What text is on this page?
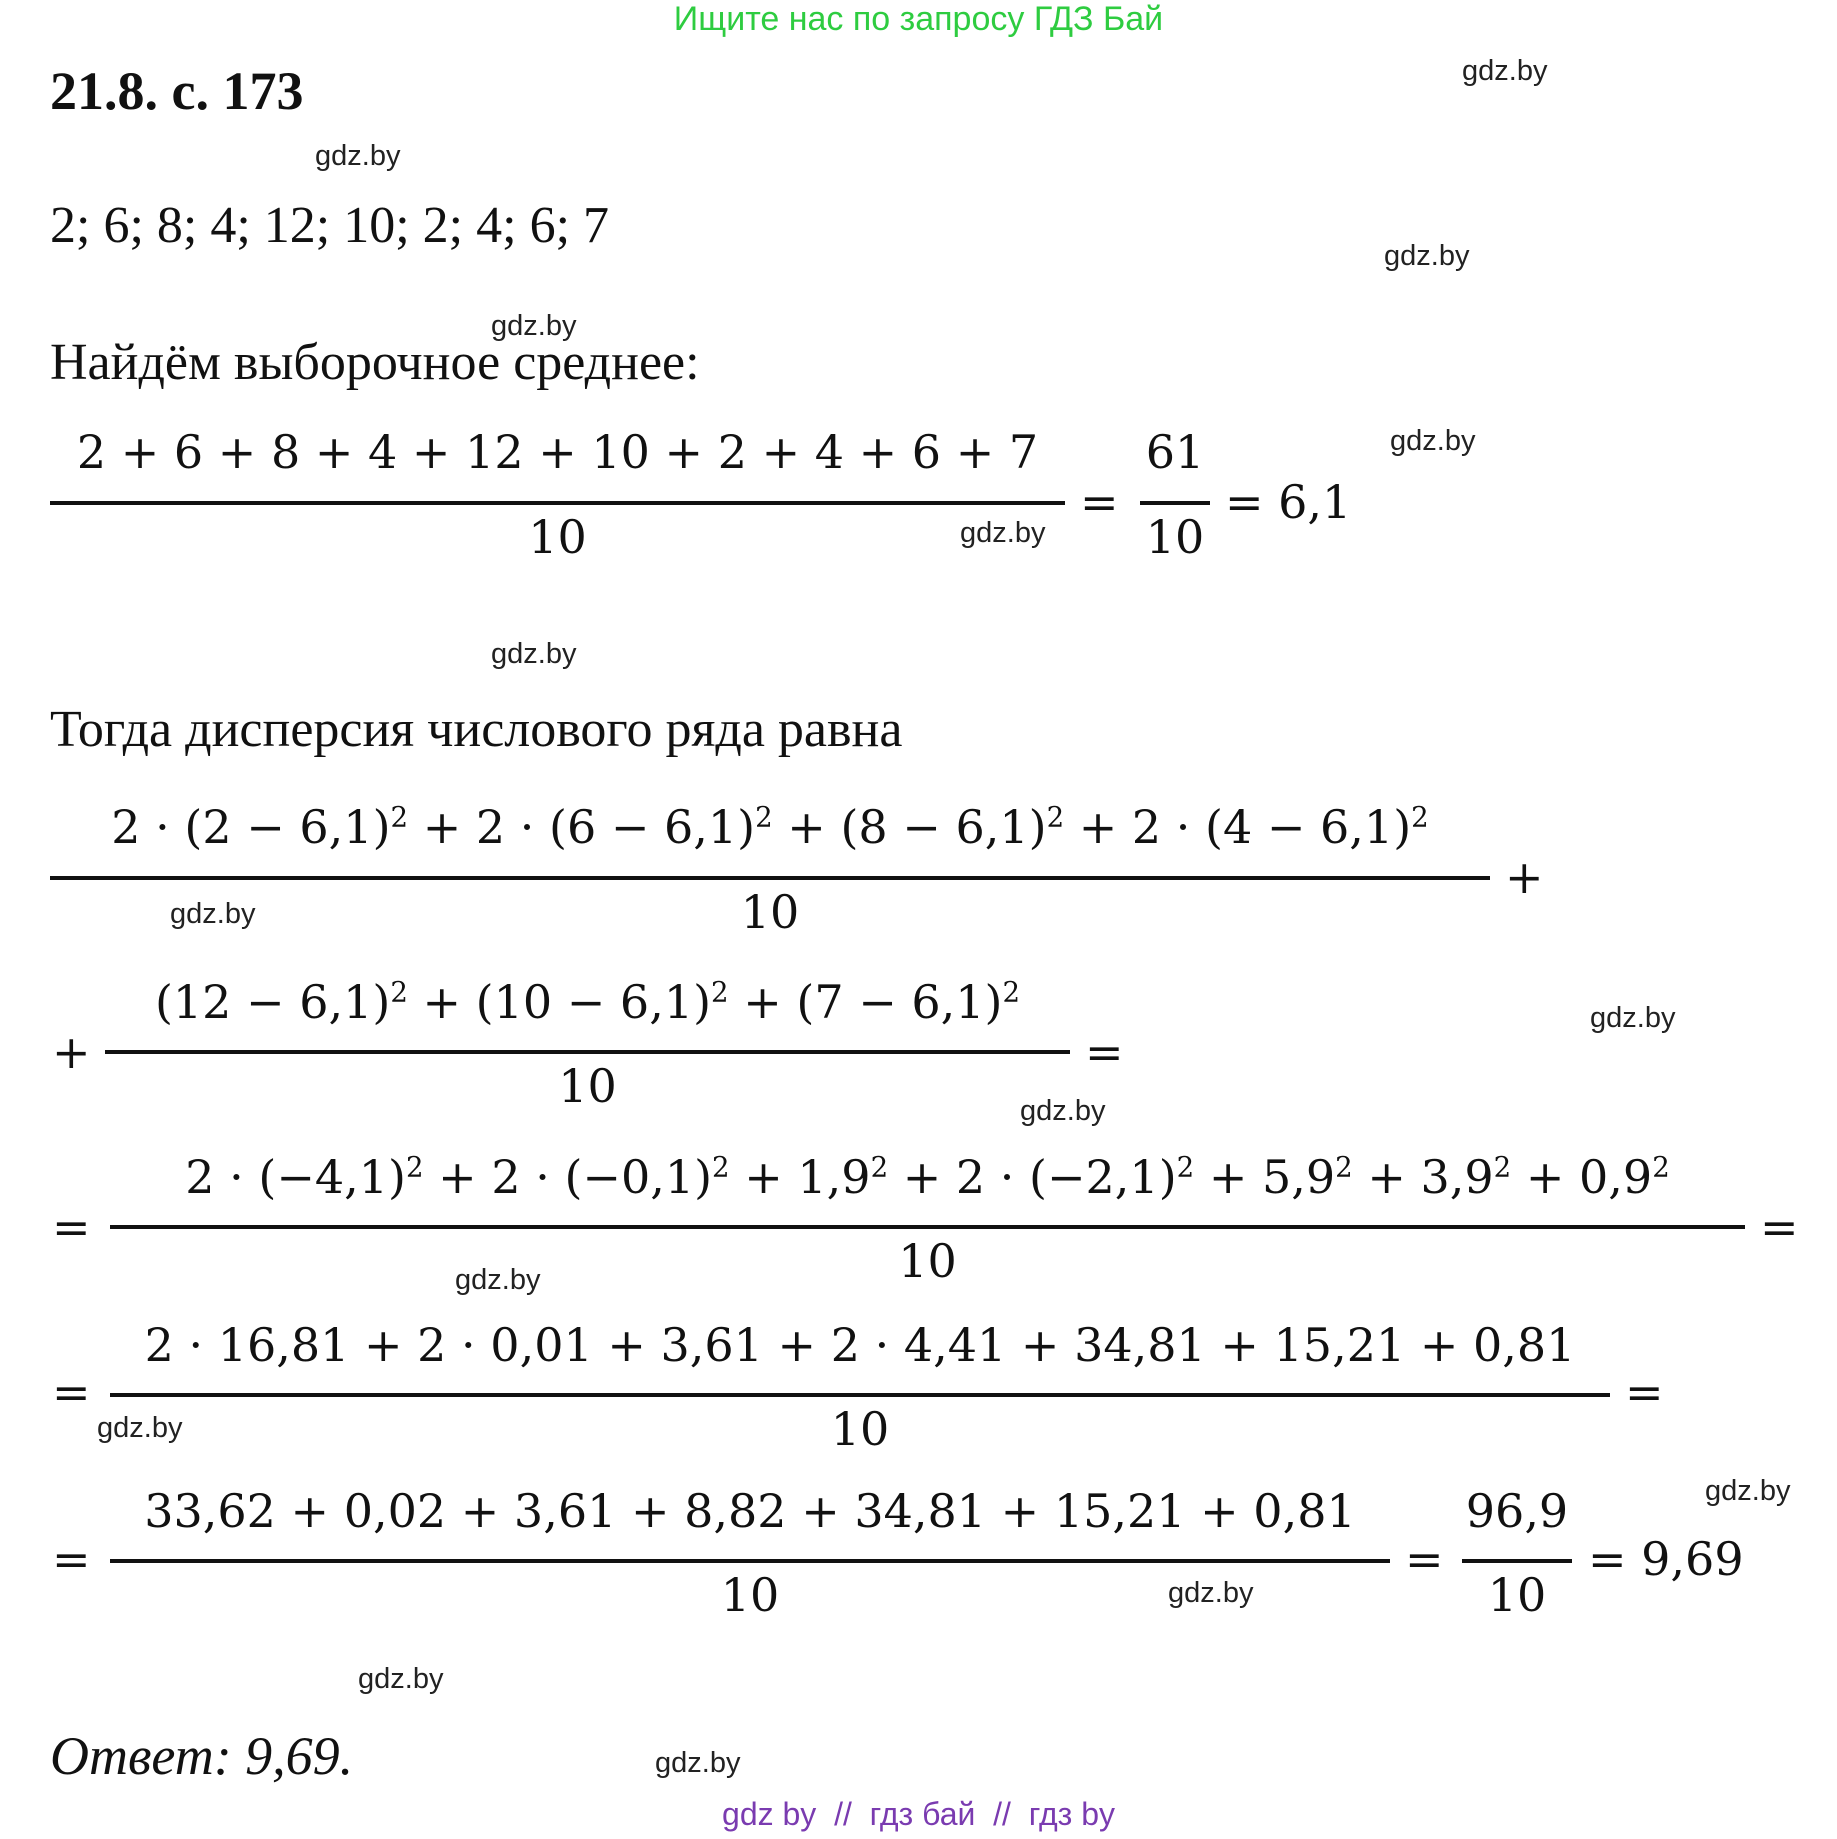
Ищите нас по запросу ГДЗ Бай
21.8. с. 173	gdz.by
gdz.by
gdz.by
gdz.by
gdz.by
gdz.by
gdz.by
gdz.by
gdz.by
gdz.by
gdz.by
gdz.by
gdz.by
gdz.by
gdz.by
gdz.by
2; 6; 8; 4; 12; 10; 2; 4; 6; 7
Найдём выборочное среднее:
2 + 6 + 8 + 4 + 12 + 10 + 2 + 4 + 6 + 7
10
=
61
10
= 6,1
Тогда дисперсия числового ряда равна
$2 \cdot (2 - 6,1)^2 + 2 \cdot (6 - 6,1)^2 + (8 - 6,1)^2 + 2 \cdot (4 - 6,1)^2$
10
+
+
$(12 - 6,1)^2 + (10 - 6,1)^2 + (7 - 6,1)^2$
10
=
=
$2 \cdot (-4,1)^2 + 2 \cdot (-0,1)^2 + 1,9^2 + 2 \cdot (-2,1)^2 + 5,9^2 + 3,9^2 + 0,9^2$
10
=
=
2 · 16,81 + 2 · 0,01 + 3,61 + 2 · 4,41 + 34,81 + 15,21 + 0,81
10
=
=
33,62 + 0,02 + 3,61 + 8,82 + 34,81 + 15,21 + 0,81
10
=
96,9
10
= 9,69
Ответ: 9,69.
gdz by  //  гдз бай  //  гдз by
